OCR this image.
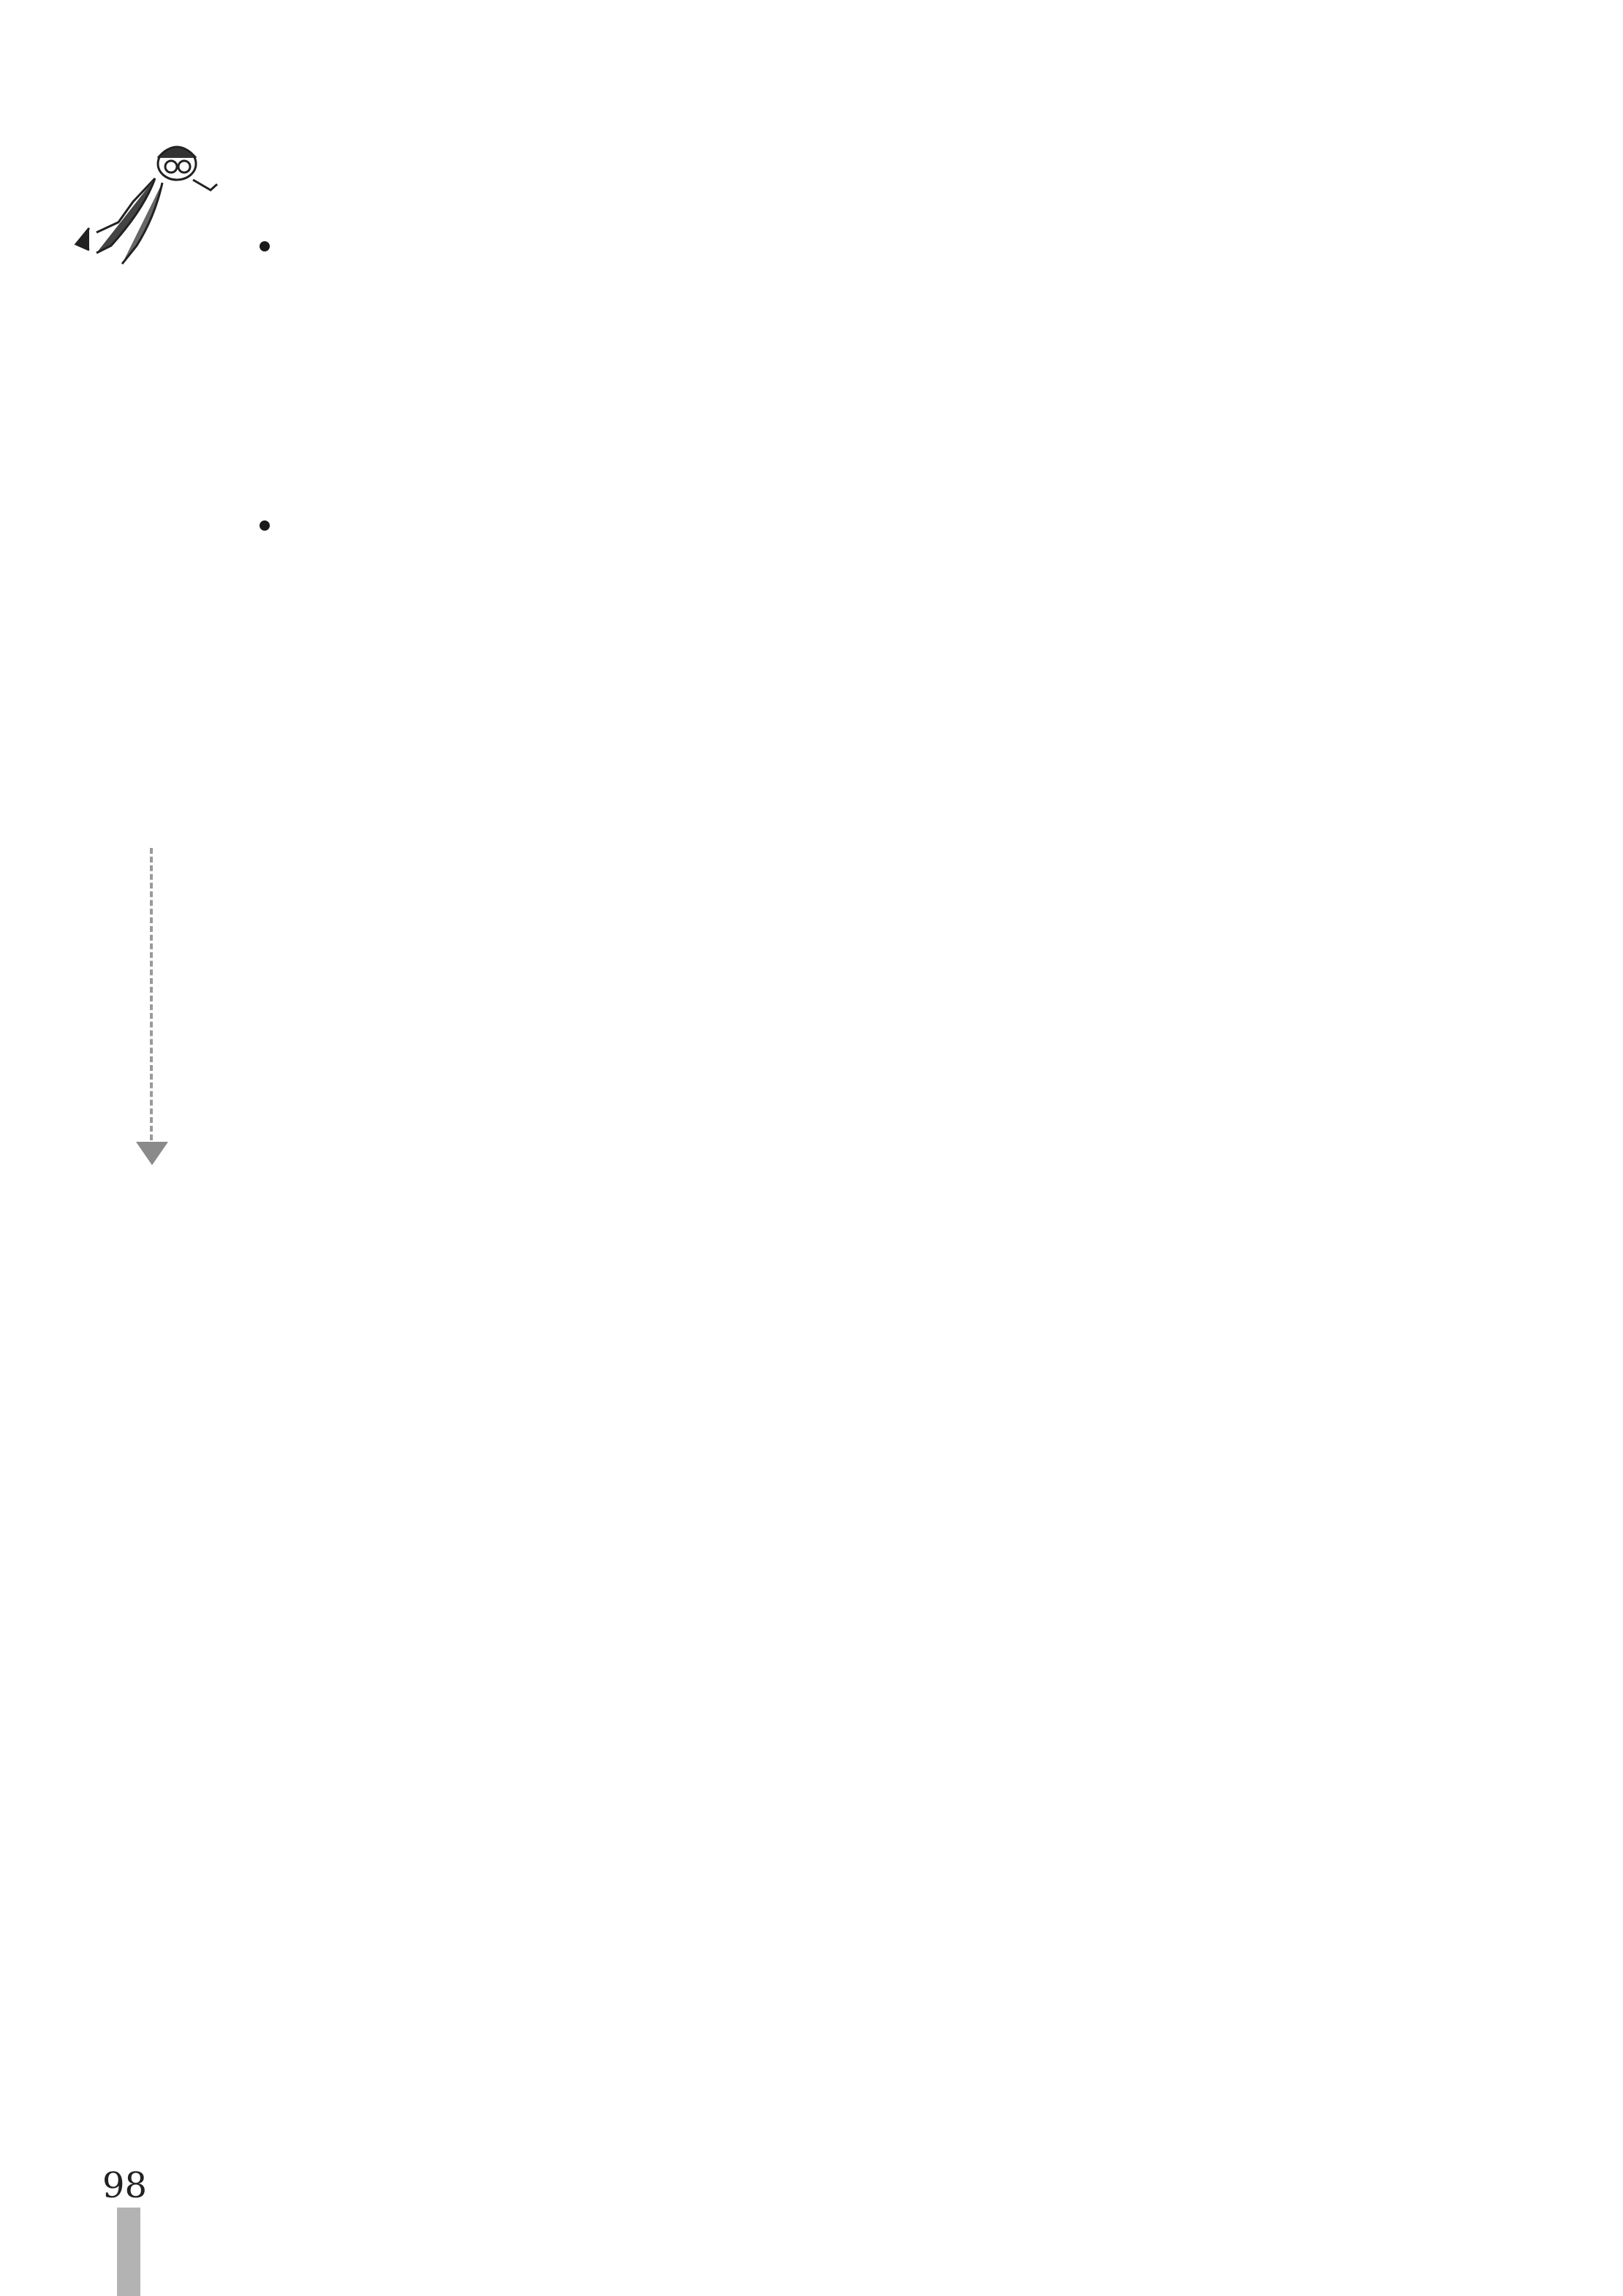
98
